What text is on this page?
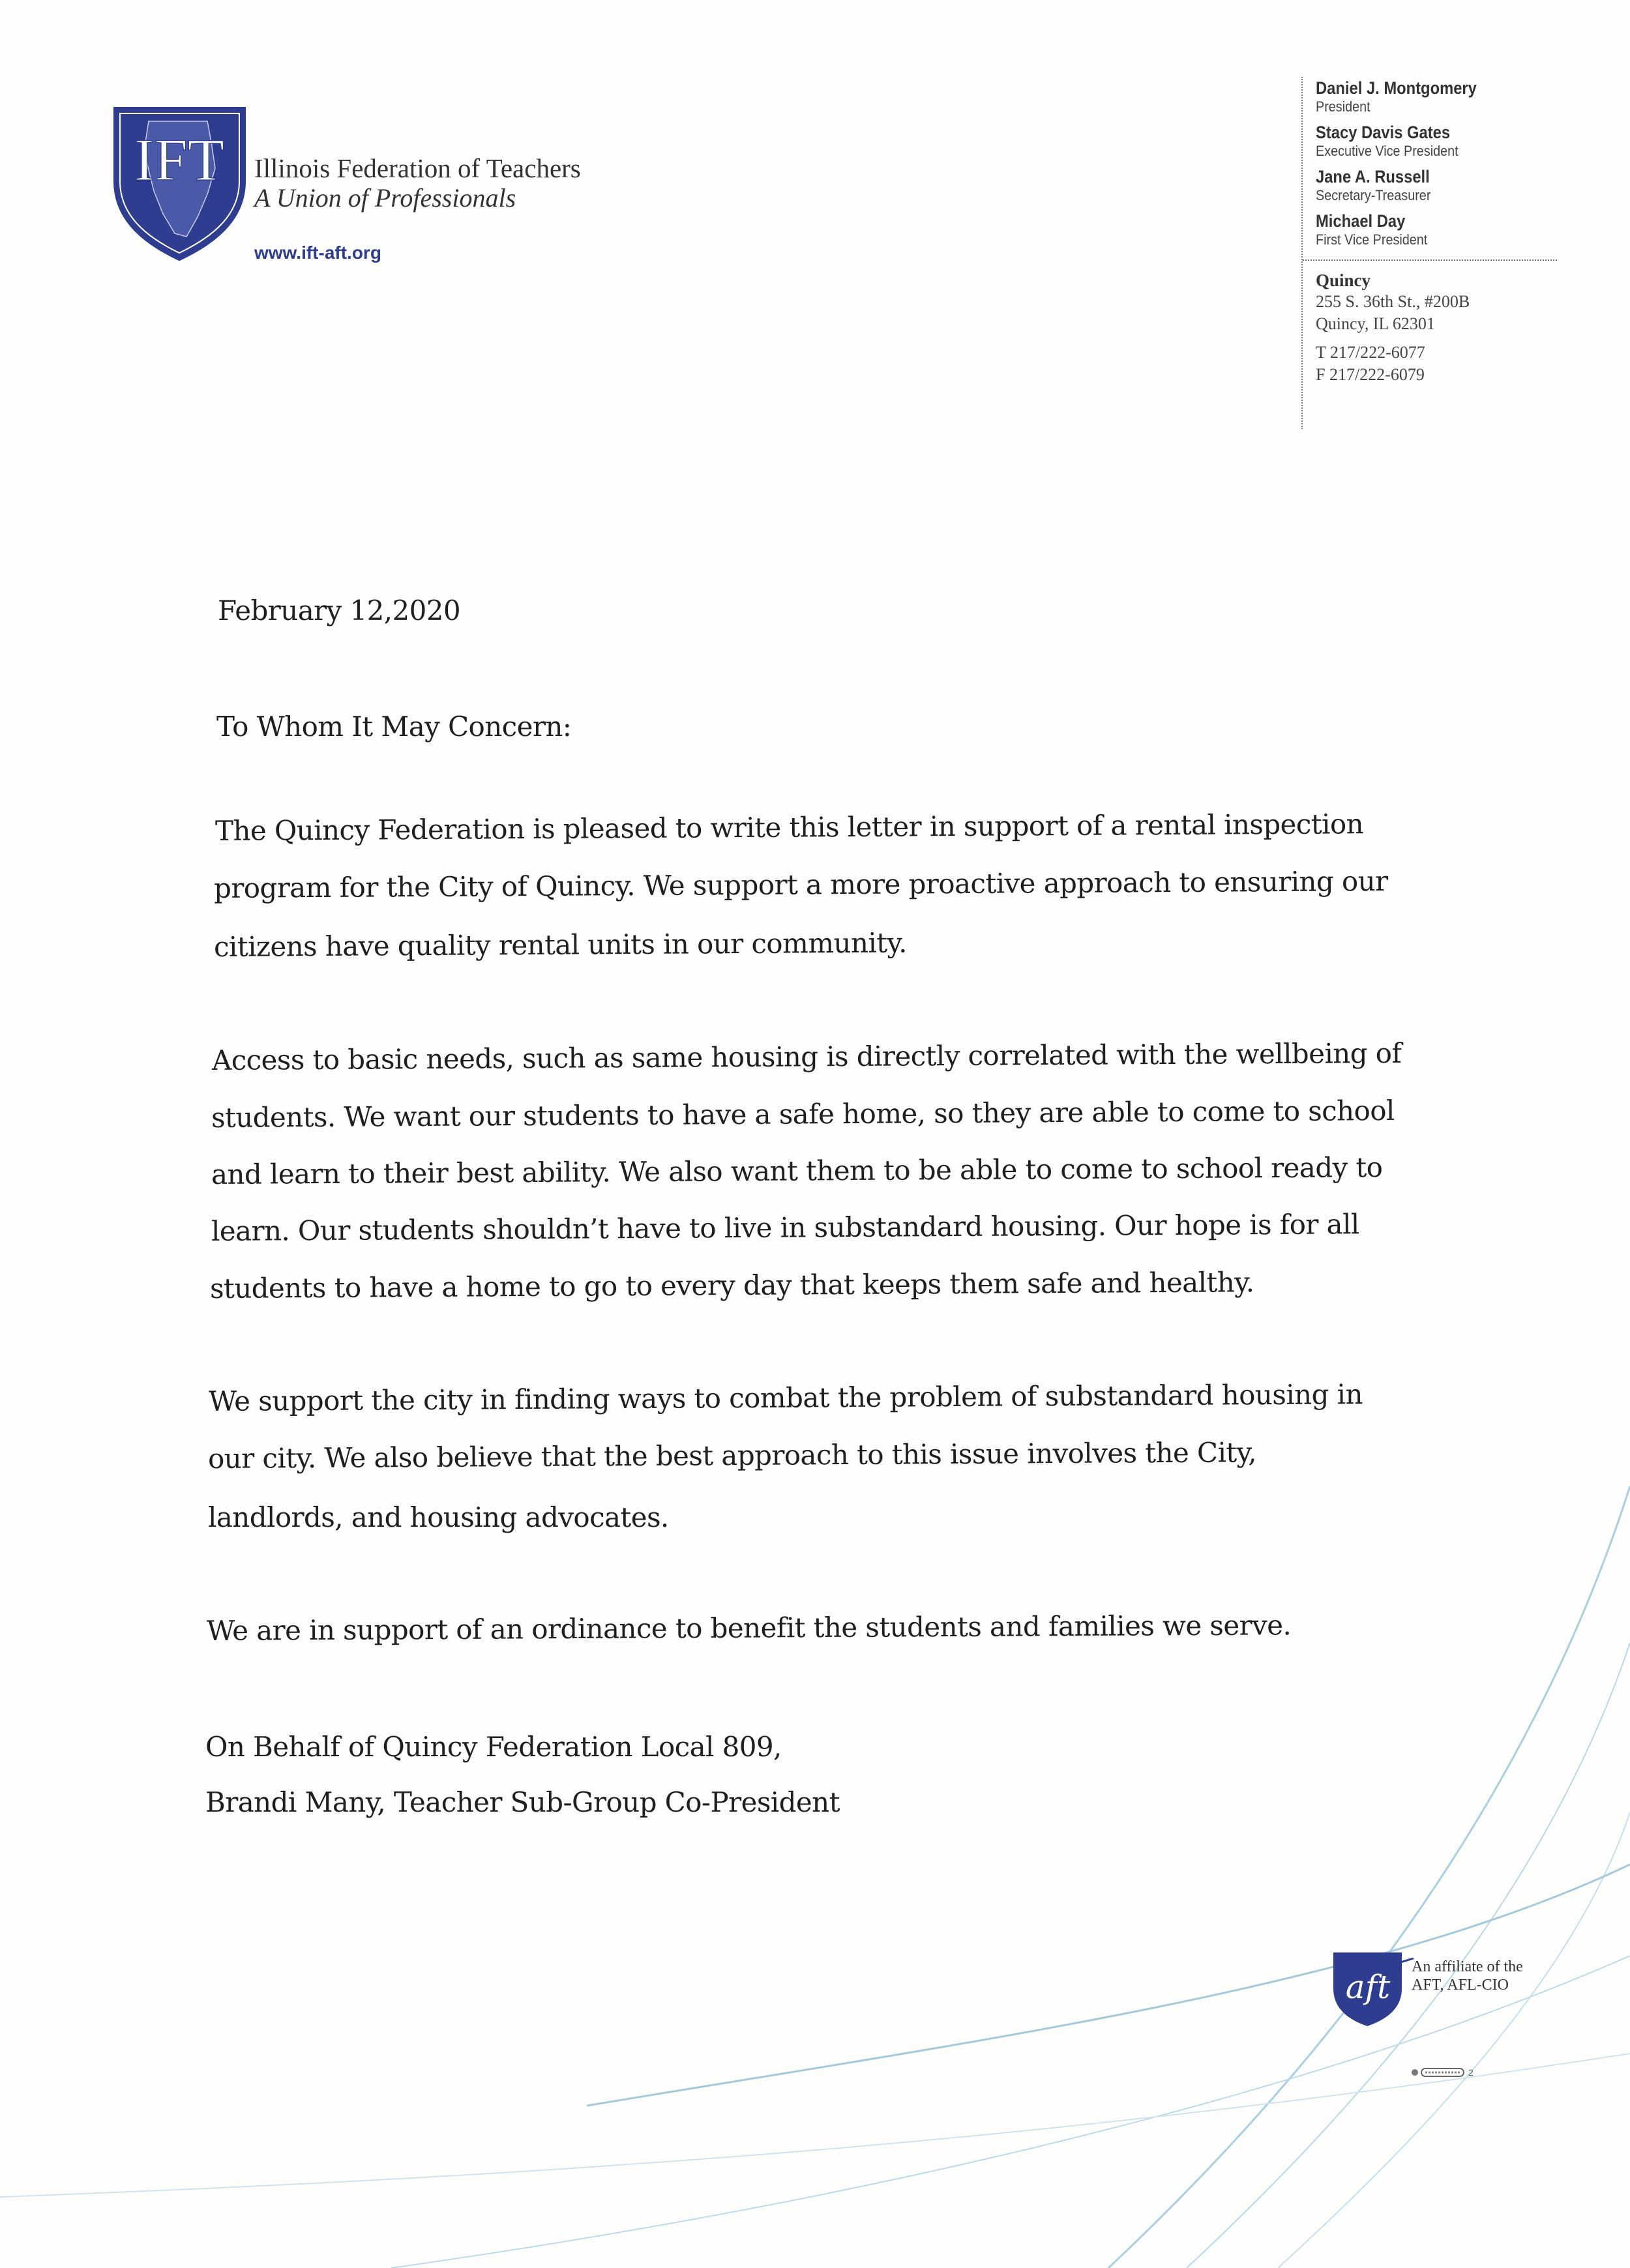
IFT Illinois Federation of Teachers
A Union of Professionals
www.ift-aft.org
Daniel J. Montgomery
President
Stacy Davis Gates
Executive Vice President
Jane A. Russell
Secretary-Treasurer
Michael Day
First Vice President
Quincy
255 S. 36th St., #200B
Quincy, IL 62301
T 217/222-6077
F 217/222-6079
February 12,2020
To Whom It May Concern:
The Quincy Federation is pleased to write this letter in support of a rental inspection
program for the City of Quincy. We support a more proactive approach to ensuring our
citizens have quality rental units in our community.
Access to basic needs, such as same housing is directly correlated with the wellbeing of
students. We want our students to have a safe home, so they are able to come to school
and learn to their best ability. We also want them to be able to come to school ready to
learn. Our students shouldn’t have to live in substandard housing. Our hope is for all
students to have a home to go to every day that keeps them safe and healthy.
We support the city in finding ways to combat the problem of substandard housing in
our city. We also believe that the best approach to this issue involves the City,
landlords, and housing advocates.
We are in support of an ordinance to benefit the students and families we serve.
On Behalf of Quincy Federation Local 809,
Brandi Many, Teacher Sub-Group Co-President
aft
An affiliate of the
AFT, AFL-CIO
2
